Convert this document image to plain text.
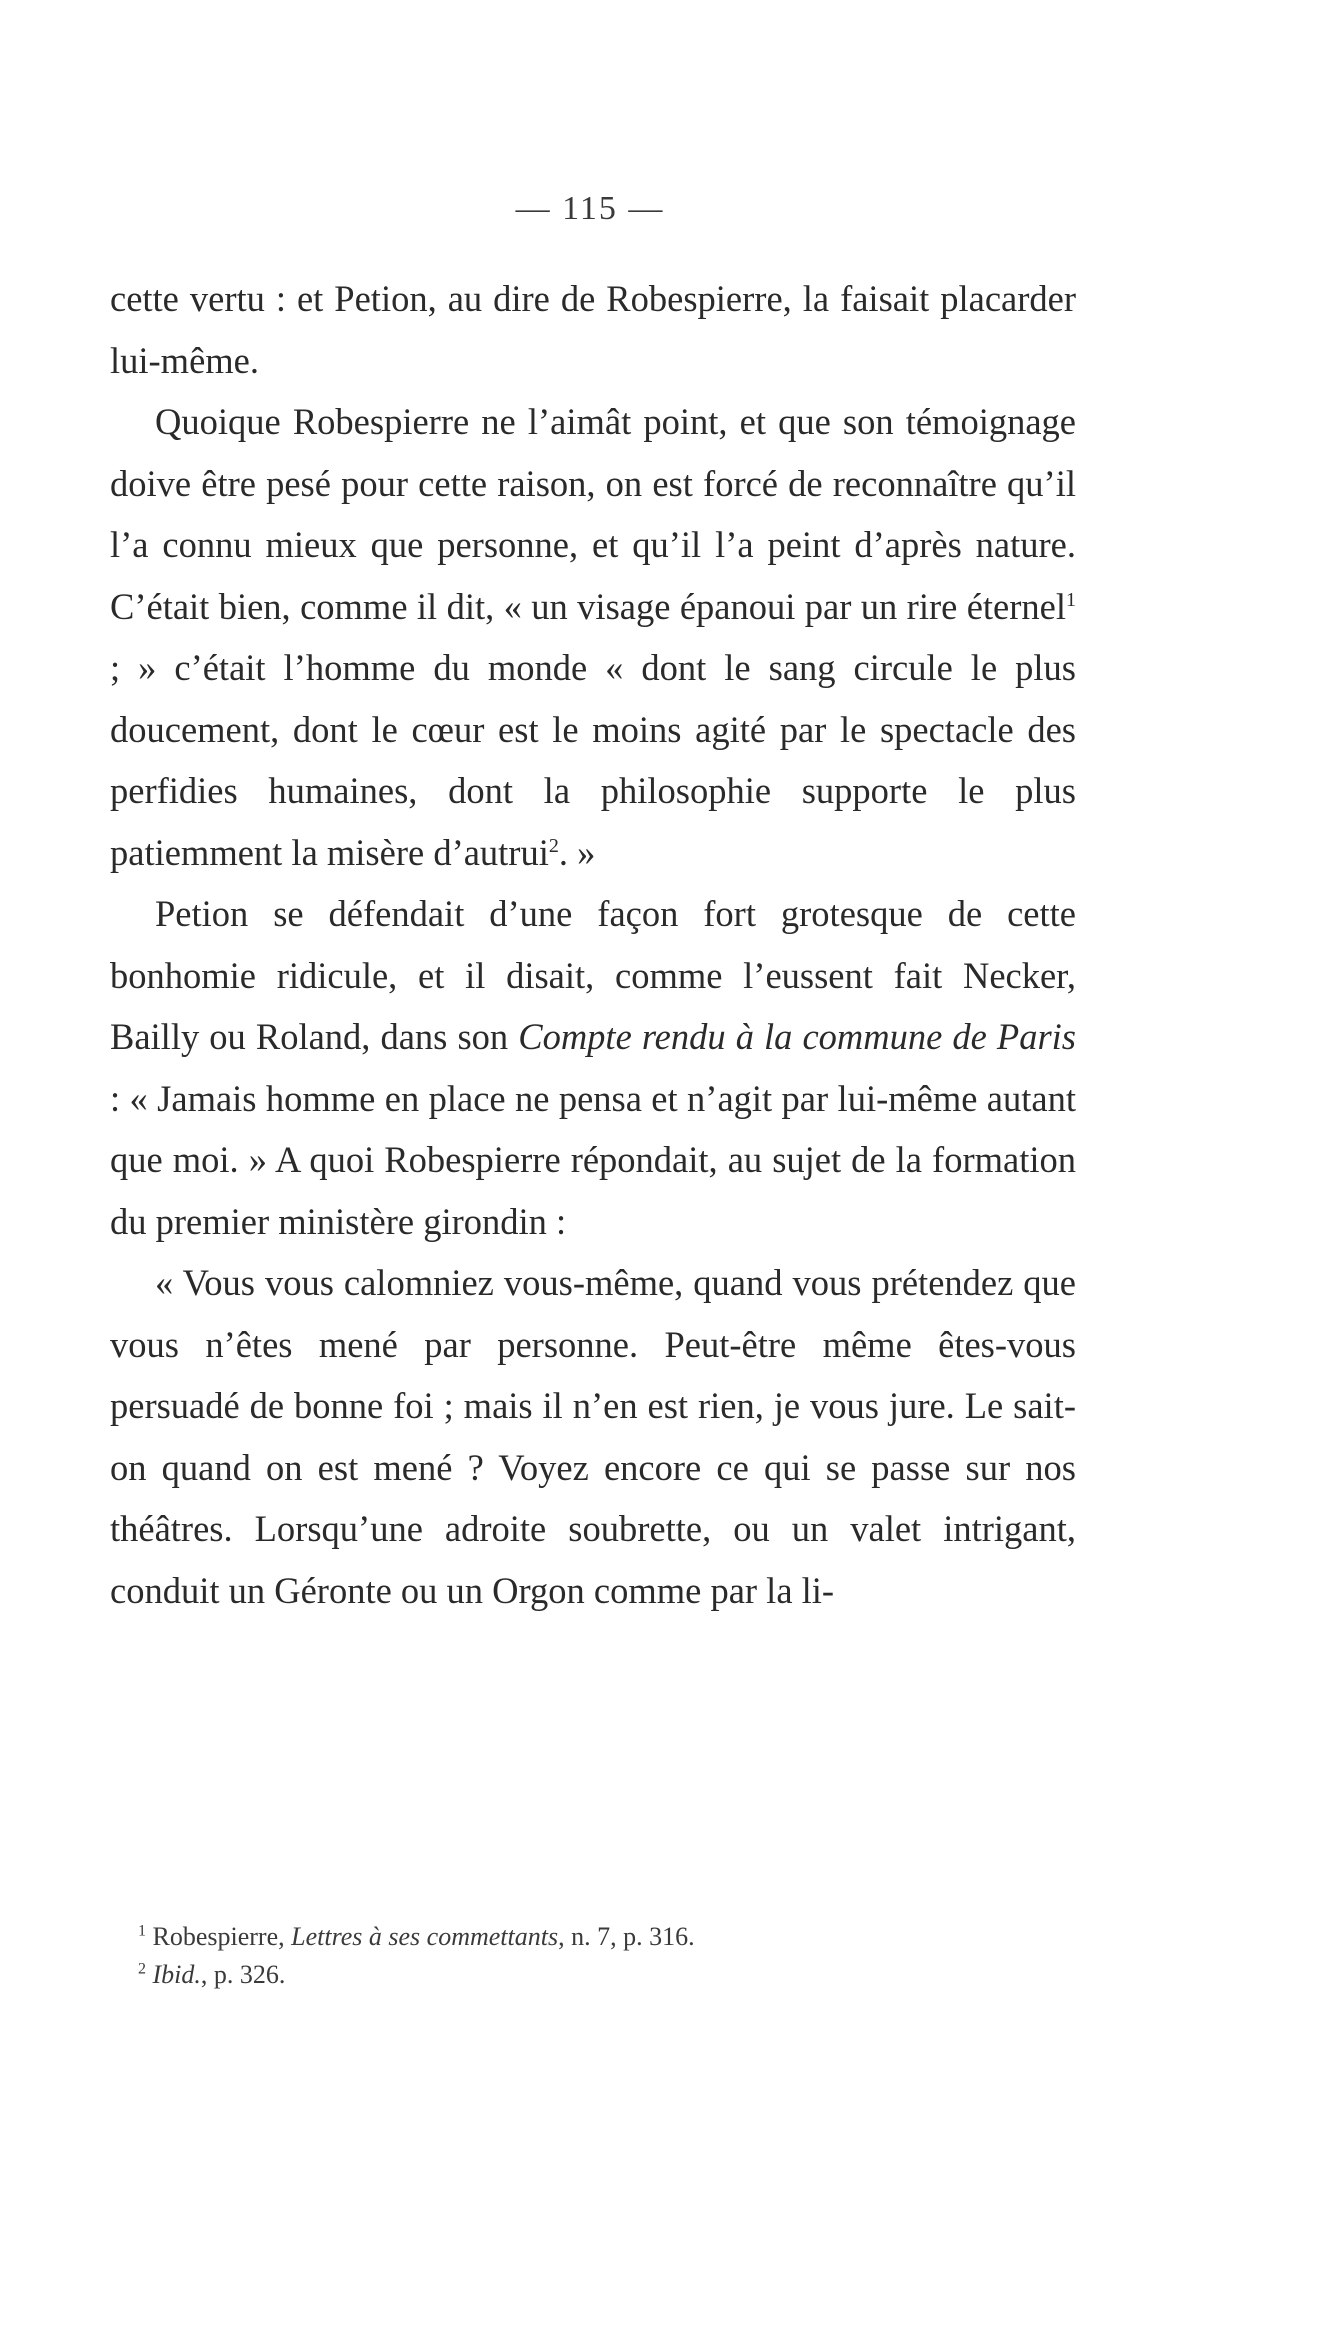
— 115 —

cette vertu : et Petion, au dire de Robespierre, la faisait placarder lui-même.

Quoique Robespierre ne l’aimât point, et que son témoignage doive être pesé pour cette raison, on est forcé de reconnaître qu’il l’a connu mieux que personne, et qu’il l’a peint d’après nature. C’était bien, comme il dit, « un visage épanoui par un rire éternel$^1$ ; » c’était l’homme du monde « dont le sang circule le plus doucement, dont le cœur est le moins agité par le spectacle des perfidies humaines, dont la philosophie supporte le plus patiemment la misère d’autrui$^2$. »

Petion se défendait d’une façon fort grotesque de cette bonhomie ridicule, et il disait, comme l’eussent fait Necker, Bailly ou Roland, dans son Compte rendu à la commune de Paris : « Jamais homme en place ne pensa et n’agit par lui-même autant que moi. » A quoi Robespierre répondait, au sujet de la formation du premier ministère girondin :

« Vous vous calomniez vous-même, quand vous prétendez que vous n’êtes mené par personne. Peut-être même êtes-vous persuadé de bonne foi ; mais il n’en est rien, je vous jure. Le sait-on quand on est mené ? Voyez encore ce qui se passe sur nos théâtres. Lorsqu’une adroite soubrette, ou un valet intrigant, conduit un Géronte ou un Orgon comme par la li-

$^1$ Robespierre, Lettres à ses commettants, n. 7, p. 316.

$^2$ Ibid., p. 326.
